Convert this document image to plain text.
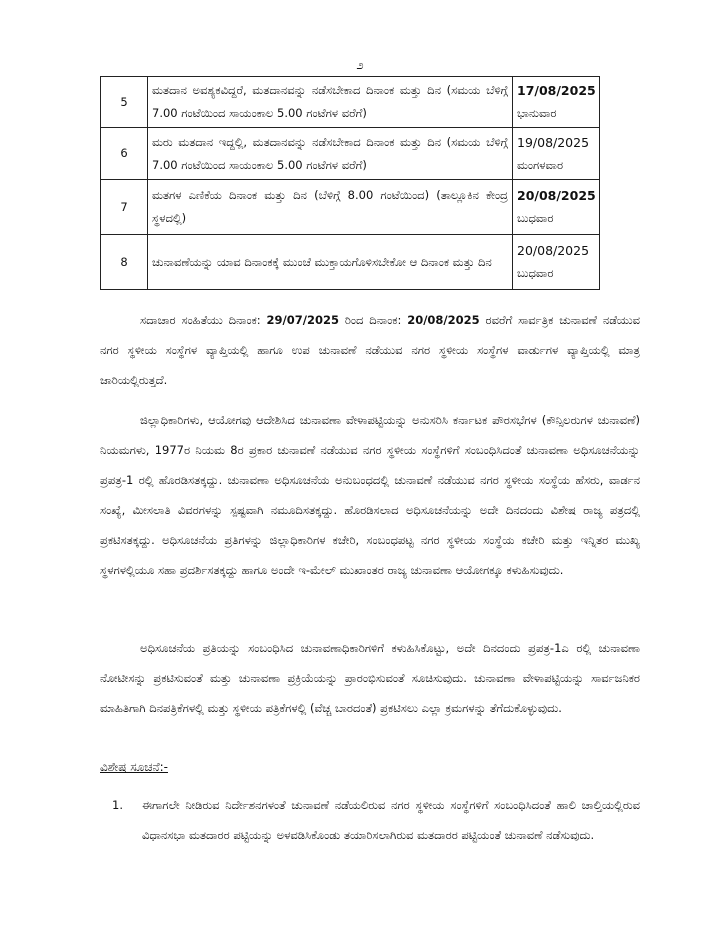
೨
5	ಮತದಾನ ಅವಶ್ಯಕವಿದ್ದರೆ, ಮತದಾನವನ್ನು ನಡೆಸಬೇಕಾದ ದಿನಾಂಕ ಮತ್ತು ದಿನ (ಸಮಯ ಬೆಳಿಗ್ಗೆ 7.00 ಗಂಟೆಯಿಂದ ಸಾಯಂಕಾಲ 5.00 ಗಂಟೆಗಳ ವರೆಗೆ)	17/08/2025
ಭಾನುವಾರ

6	ಮರು ಮತದಾನ ಇದ್ದಲ್ಲಿ, ಮತದಾನವನ್ನು ನಡೆಸಬೇಕಾದ ದಿನಾಂಕ ಮತ್ತು ದಿನ (ಸಮಯ ಬೆಳಿಗ್ಗೆ 7.00 ಗಂಟೆಯಿಂದ ಸಾಯಂಕಾಲ 5.00 ಗಂಟೆಗಳ ವರೆಗೆ)	19/08/2025
ಮಂಗಳವಾರ

7	ಮತಗಳ ಎಣಿಕೆಯ ದಿನಾಂಕ ಮತ್ತು ದಿನ (ಬೆಳಿಗ್ಗೆ 8.00 ಗಂಟೆಯಿಂದ) (ತಾಲ್ಲೂಕಿನ ಕೇಂದ್ರ ಸ್ಥಳದಲ್ಲಿ)	20/08/2025
ಬುಧವಾರ

8	ಚುನಾವಣೆಯನ್ನು ಯಾವ ದಿನಾಂಕಕ್ಕೆ ಮುಂಚೆ ಮುಕ್ತಾಯಗೊಳಿಸಬೇಕೋ ಆ ದಿನಾಂಕ ಮತ್ತು ದಿನ	20/08/2025
ಬುಧವಾರ

ಸದಾಚಾರ ಸಂಹಿತೆಯು ದಿನಾಂಕ: 29/07/2025 ರಿಂದ ದಿನಾಂಕ: 20/08/2025 ರವರೆಗೆ ಸಾರ್ವತ್ರಿಕ ಚುನಾವಣೆ ನಡೆಯುವ ನಗರ ಸ್ಥಳೀಯ ಸಂಸ್ಥೆಗಳ ವ್ಯಾಪ್ತಿಯಲ್ಲಿ ಹಾಗೂ ಉಪ ಚುನಾವಣೆ ನಡೆಯುವ ನಗರ ಸ್ಥಳೀಯ ಸಂಸ್ಥೆಗಳ ವಾರ್ಡುಗಳ ವ್ಯಾಪ್ತಿಯಲ್ಲಿ ಮಾತ್ರ ಜಾರಿಯಲ್ಲಿರುತ್ತದೆ.

ಜಿಲ್ಲಾಧಿಕಾರಿಗಳು, ಆಯೋಗವು ಆದೇಶಿಸಿದ ಚುನಾವಣಾ ವೇಳಾಪಟ್ಟಿಯನ್ನು ಅನುಸರಿಸಿ ಕರ್ನಾಟಕ ಪೌರಸಭೆಗಳ (ಕೌನ್ಸಿಲರುಗಳ ಚುನಾವಣೆ) ನಿಯಮಗಳು, 1977ರ ನಿಯಮ 8ರ ಪ್ರಕಾರ ಚುನಾವಣೆ ನಡೆಯುವ ನಗರ ಸ್ಥಳೀಯ ಸಂಸ್ಥೆಗಳಿಗೆ ಸಂಬಂಧಿಸಿದಂತೆ ಚುನಾವಣಾ ಅಧಿಸೂಚನೆಯನ್ನು ಪ್ರಪತ್ರ-1 ರಲ್ಲಿ ಹೊರಡಿಸತಕ್ಕದ್ದು. ಚುನಾವಣಾ ಅಧಿಸೂಚನೆಯ ಅನುಬಂಧದಲ್ಲಿ ಚುನಾವಣೆ ನಡೆಯುವ ನಗರ ಸ್ಥಳೀಯ ಸಂಸ್ಥೆಯ ಹೆಸರು, ವಾರ್ಡನ ಸಂಖ್ಯೆ, ಮೀಸಲಾತಿ ವಿವರಗಳನ್ನು ಸ್ಪಷ್ಟವಾಗಿ ನಮೂದಿಸತಕ್ಕದ್ದು. ಹೊರಡಿಸಲಾದ ಅಧಿಸೂಚನೆಯನ್ನು ಅದೇ ದಿನದಂದು ವಿಶೇಷ ರಾಜ್ಯ ಪತ್ರದಲ್ಲಿ ಪ್ರಕಟಿಸತಕ್ಕದ್ದು. ಅಧಿಸೂಚನೆಯ ಪ್ರತಿಗಳನ್ನು ಜಿಲ್ಲಾಧಿಕಾರಿಗಳ ಕಚೇರಿ, ಸಂಬಂಧಪಟ್ಟ ನಗರ ಸ್ಥಳೀಯ ಸಂಸ್ಥೆಯ ಕಚೇರಿ ಮತ್ತು ಇನ್ನಿತರ ಮುಖ್ಯ ಸ್ಥಳಗಳಲ್ಲಿಯೂ ಸಹಾ ಪ್ರದರ್ಶಿಸತಕ್ಕದ್ದು ಹಾಗೂ ಅಂದೇ ಇ-ಮೇಲ್ ಮುಖಾಂತರ ರಾಜ್ಯ ಚುನಾವಣಾ ಆಯೋಗಕ್ಕೂ ಕಳುಹಿಸುವುದು.

ಅಧಿಸೂಚನೆಯ ಪ್ರತಿಯನ್ನು ಸಂಬಂಧಿಸಿದ ಚುನಾವಣಾಧಿಕಾರಿಗಳಿಗೆ ಕಳುಹಿಸಿಕೊಟ್ಟು, ಅದೇ ದಿನದಂದು ಪ್ರಪತ್ರ-1ಎ ರಲ್ಲಿ ಚುನಾವಣಾ ನೋಟೀಸನ್ನು ಪ್ರಕಟಿಸುವಂತೆ ಮತ್ತು ಚುನಾವಣಾ ಪ್ರಕ್ರಿಯೆಯನ್ನು ಪ್ರಾರಂಭಿಸುವಂತೆ ಸೂಚಿಸುವುದು. ಚುನಾವಣಾ ವೇಳಾಪಟ್ಟಿಯನ್ನು ಸಾರ್ವಜನಿಕರ ಮಾಹಿತಿಗಾಗಿ ದಿನಪತ್ರಿಕೆಗಳಲ್ಲಿ ಮತ್ತು ಸ್ಥಳೀಯ ಪತ್ರಿಕೆಗಳಲ್ಲಿ (ವೆಚ್ಚ ಬಾರದಂತೆ) ಪ್ರಕಟಿಸಲು ಎಲ್ಲಾ ಕ್ರಮಗಳನ್ನು ತೆಗೆದುಕೊಳ್ಳುವುದು.

ವಿಶೇಷ ಸೂಚನೆ:-
1.	ಈಗಾಗಲೇ ನೀಡಿರುವ ನಿರ್ದೇಶನಗಳಂತೆ ಚುನಾವಣೆ ನಡೆಯಲಿರುವ ನಗರ ಸ್ಥಳೀಯ ಸಂಸ್ಥೆಗಳಿಗೆ ಸಂಬಂಧಿಸಿದಂತೆ ಹಾಲಿ ಚಾಲ್ತಿಯಲ್ಲಿರುವ ವಿಧಾನಸಭಾ ಮತದಾರರ ಪಟ್ಟಿಯನ್ನು ಅಳವಡಿಸಿಕೊಂಡು ತಯಾರಿಸಲಾಗಿರುವ ಮತದಾರರ ಪಟ್ಟಿಯಂತೆ ಚುನಾವಣೆ ನಡೆಸುವುದು.
